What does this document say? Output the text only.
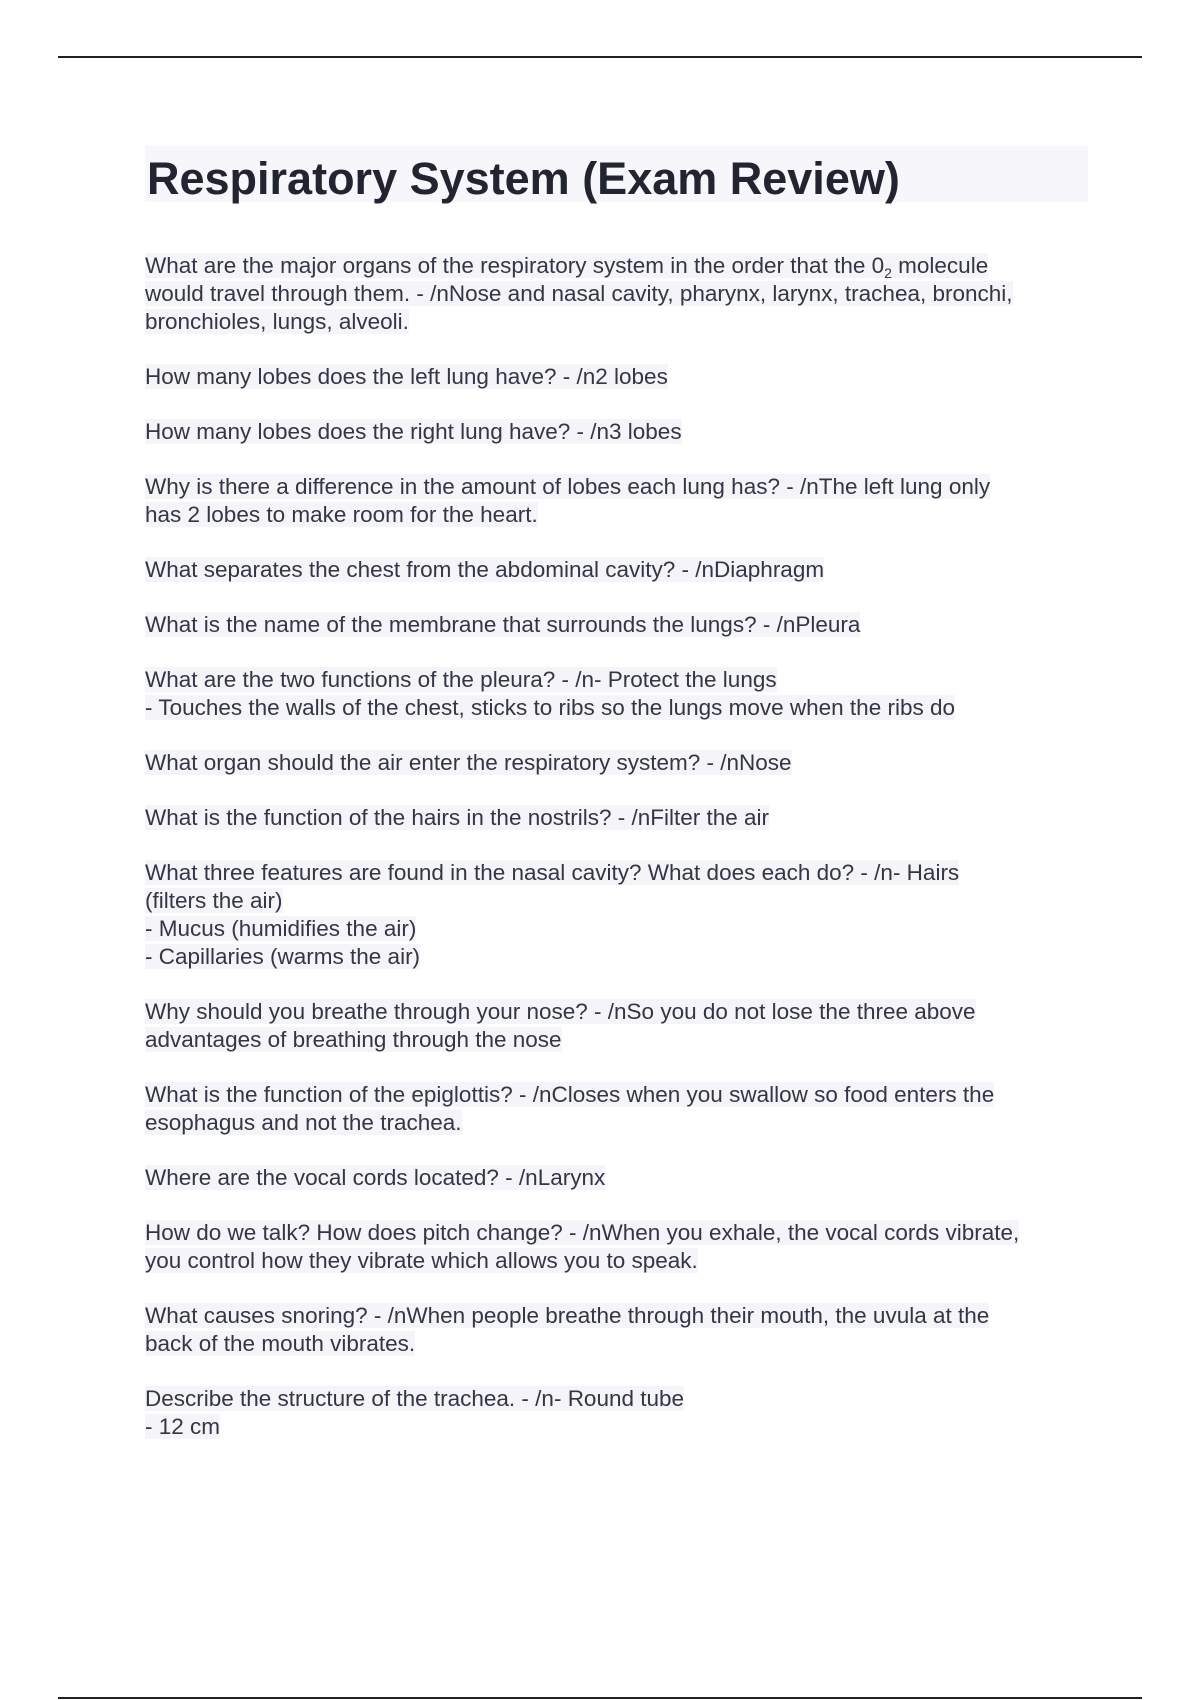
Respiratory System (Exam Review)
What are the major organs of the respiratory system in the order that the $0_2$ molecule
would travel through them. - /nNose and nasal cavity, pharynx, larynx, trachea, bronchi,
bronchioles, lungs, alveoli.
How many lobes does the left lung have? - /n2 lobes
How many lobes does the right lung have? - /n3 lobes
Why is there a difference in the amount of lobes each lung has? - /nThe left lung only
has 2 lobes to make room for the heart.
What separates the chest from the abdominal cavity? - /nDiaphragm
What is the name of the membrane that surrounds the lungs? - /nPleura
What are the two functions of the pleura? - /n- Protect the lungs
- Touches the walls of the chest, sticks to ribs so the lungs move when the ribs do
What organ should the air enter the respiratory system? - /nNose
What is the function of the hairs in the nostrils? - /nFilter the air
What three features are found in the nasal cavity? What does each do? - /n- Hairs
(filters the air)
- Mucus (humidifies the air)
- Capillaries (warms the air)
Why should you breathe through your nose? - /nSo you do not lose the three above
advantages of breathing through the nose
What is the function of the epiglottis? - /nCloses when you swallow so food enters the
esophagus and not the trachea.
Where are the vocal cords located? - /nLarynx
How do we talk? How does pitch change? - /nWhen you exhale, the vocal cords vibrate,
you control how they vibrate which allows you to speak.
What causes snoring? - /nWhen people breathe through their mouth, the uvula at the
back of the mouth vibrates.
Describe the structure of the trachea. - /n- Round tube
- 12 cm
